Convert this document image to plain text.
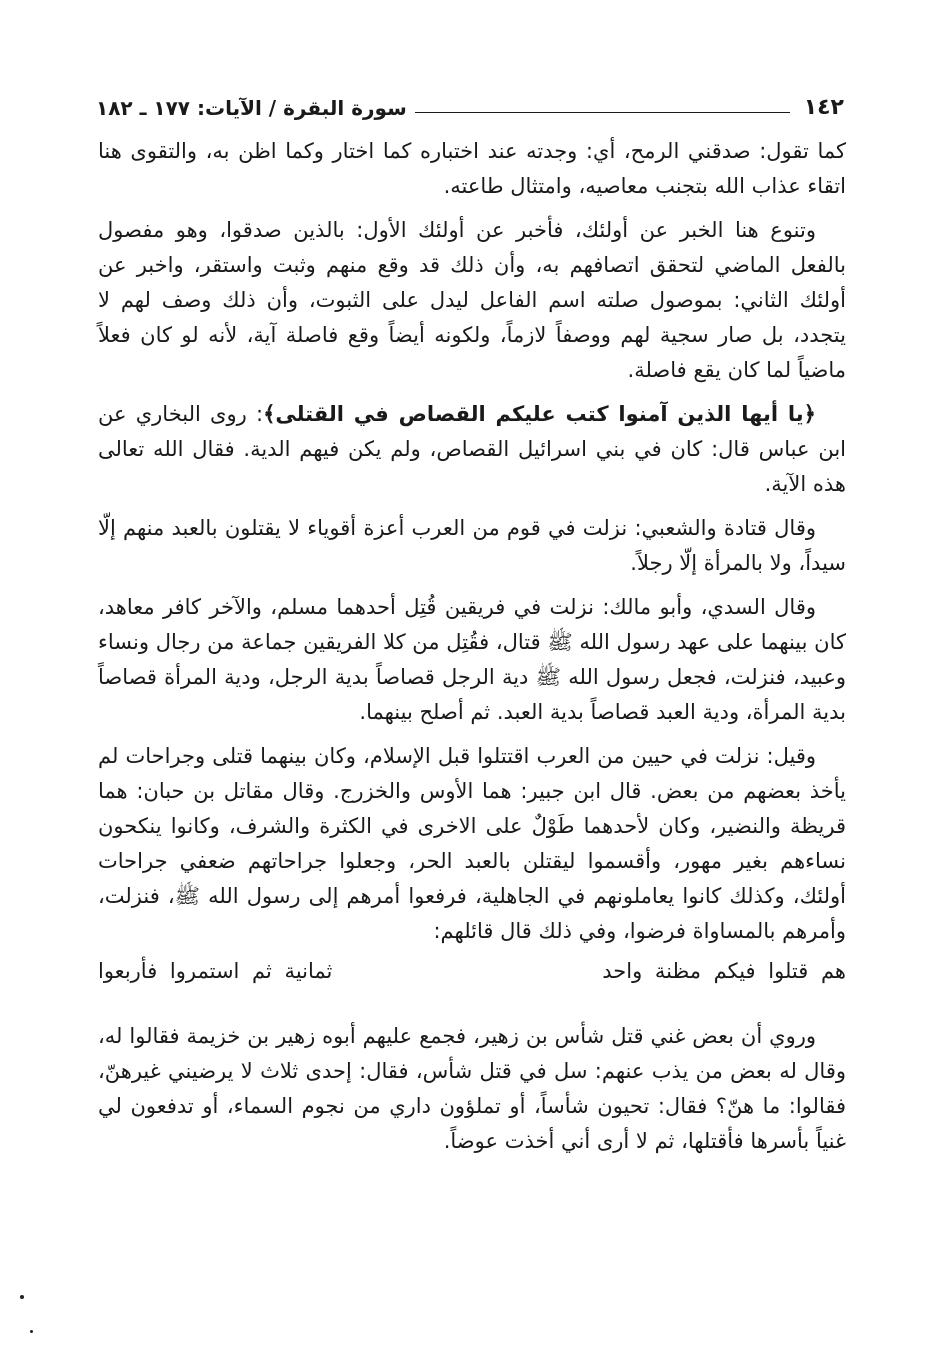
١٤٢
سورة البقرة / الآيات: ١٧٧ ـ ١٨٢

كما تقول: صدقني الرمح، أي: وجدته عند اختباره كما اختار وكما اظن به، والتقوى هنا اتقاء عذاب الله بتجنب معاصيه، وامتثال طاعته.

وتنوع هنا الخبر عن أولئك، فأخبر عن أولئك الأول: بالذين صدقوا، وهو مفصول بالفعل الماضي لتحقق اتصافهم به، وأن ذلك قد وقع منهم وثبت واستقر، واخبر عن أولئك الثاني: بموصول صلته اسم الفاعل ليدل على الثبوت، وأن ذلك وصف لهم لا يتجدد، بل صار سجية لهم ووصفاً لازماً، ولكونه أيضاً وقع فاصلة آية، لأنه لو كان فعلاً ماضياً لما كان يقع فاصلة.

﴿يا أيها الذين آمنوا كتب عليكم القصاص في القتلى﴾: روى البخاري عن ابن عباس قال: كان في بني اسرائيل القصاص، ولم يكن فيهم الدية. فقال الله تعالى هذه الآية.

وقال قتادة والشعبي: نزلت في قوم من العرب أعزة أقوياء لا يقتلون بالعبد منهم إلّا سيداً، ولا بالمرأة إلّا رجلاً.

وقال السدي، وأبو مالك: نزلت في فريقين قُتِل أحدهما مسلم، والآخر كافر معاهد، كان بينهما على عهد رسول الله ﷺ قتال، فقُتِل من كلا الفريقين جماعة من رجال ونساء وعبيد، فنزلت، فجعل رسول الله ﷺ دية الرجل قصاصاً بدية الرجل، ودية المرأة قصاصاً بدية المرأة، ودية العبد قصاصاً بدية العبد. ثم أصلح بينهما.

وقيل: نزلت في حيين من العرب اقتتلوا قبل الإسلام، وكان بينهما قتلى وجراحات لم يأخذ بعضهم من بعض. قال ابن جبير: هما الأوس والخزرج. وقال مقاتل بن حبان: هما قريظة والنضير، وكان لأحدهما طَوْلٌ على الاخرى في الكثرة والشرف، وكانوا ينكحون نساءهم بغير مهور، وأقسموا ليقتلن بالعبد الحر، وجعلوا جراحاتهم ضعفي جراحات أولئك، وكذلك كانوا يعاملونهم في الجاهلية، فرفعوا أمرهم إلى رسول الله ﷺ، فنزلت، وأمرهم بالمساواة فرضوا، وفي ذلك قال قائلهم:

هم قتلوا فيكم مظنة واحد
ثمانية ثم استمروا فأربعوا

وروي أن بعض غني قتل شأس بن زهير، فجمع عليهم أبوه زهير بن خزيمة فقالوا له، وقال له بعض من يذب عنهم: سل في قتل شأس، فقال: إحدى ثلاث لا يرضيني غيرهنّ، فقالوا: ما هنّ؟ فقال: تحيون شأساً، أو تملؤون داري من نجوم السماء، أو تدفعون لي غنياً بأسرها فأقتلها، ثم لا أرى أني أخذت عوضاً.
